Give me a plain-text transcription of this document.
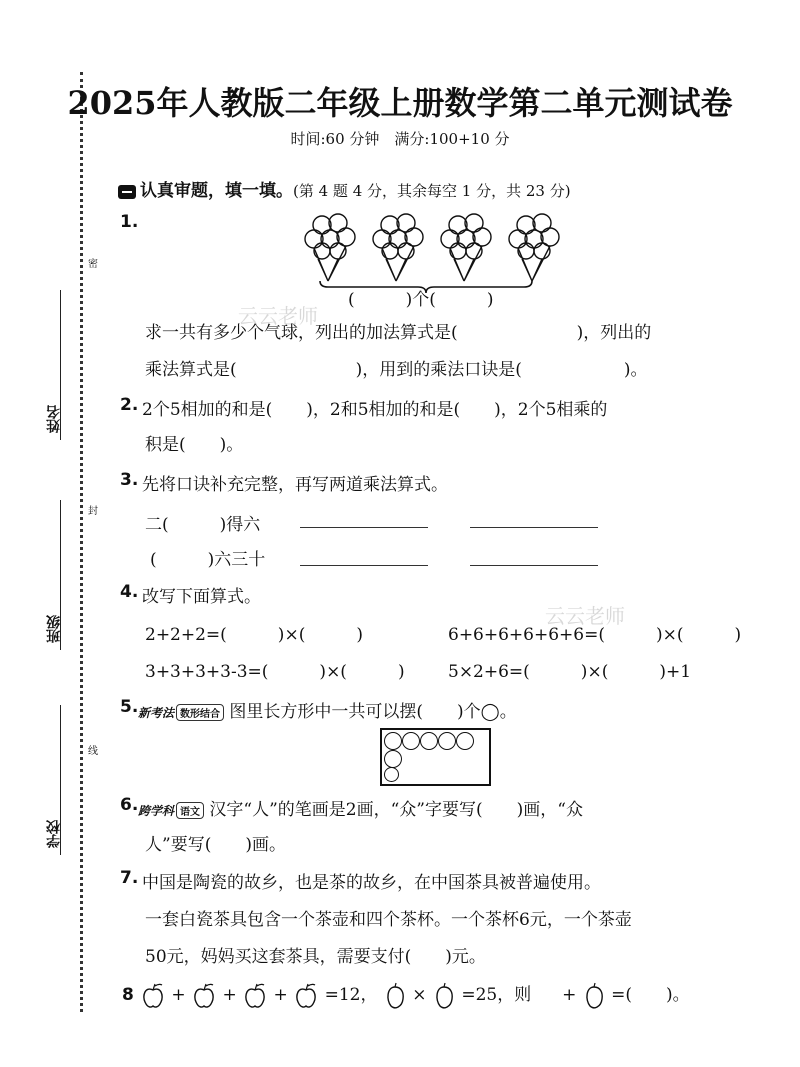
密
封
线
姓名
班级
学校
2025年人教版二年级上册数学第二单元测试卷
时间:60 分钟　满分:100+10 分
云云老师
云云老师
认真审题，填一填。(第 4 题 4 分，其余每空 1 分，共 23 分)
1.
(　　　)个(　　　)
求一共有多少个气球，列出的加法算式是(　　　　　　　)，列出的
乘法算式是(　　　　　　　)，用到的乘法口诀是(　　　　　　)。
2. 2个5相加的和是(　　)，2和5相加的和是(　　)，2个5相乘的
积是(　　)。
3. 先将口诀补充完整，再写两道乘法算式。
二(　　　)得六
(　　　)六三十
4. 改写下面算式。
2+2+2=(　　　)×(　　　)	6+6+6+6+6+6=(　　　)×(　　　)
3+3+3+3-3=(　　　)×(　　　)	5×2+6=(　　　)×(　　　)+1
5. 新考法 数形结合 图里长方形中一共可以摆(　　)个◯。
6. 跨学科 语文 汉字“人”的笔画是2画，“众”字要写(　　)画，“众
人”要写(　　)画。
7. 中国是陶瓷的故乡，也是茶的故乡，在中国茶具被普遍使用。
一套白瓷茶具包含一个茶壶和四个茶杯。一个茶杯6元，一个茶壶
50元，妈妈买这套茶具，需要支付(　　)元。
8	+ + + =12， × =25，则 + =(　　)。
